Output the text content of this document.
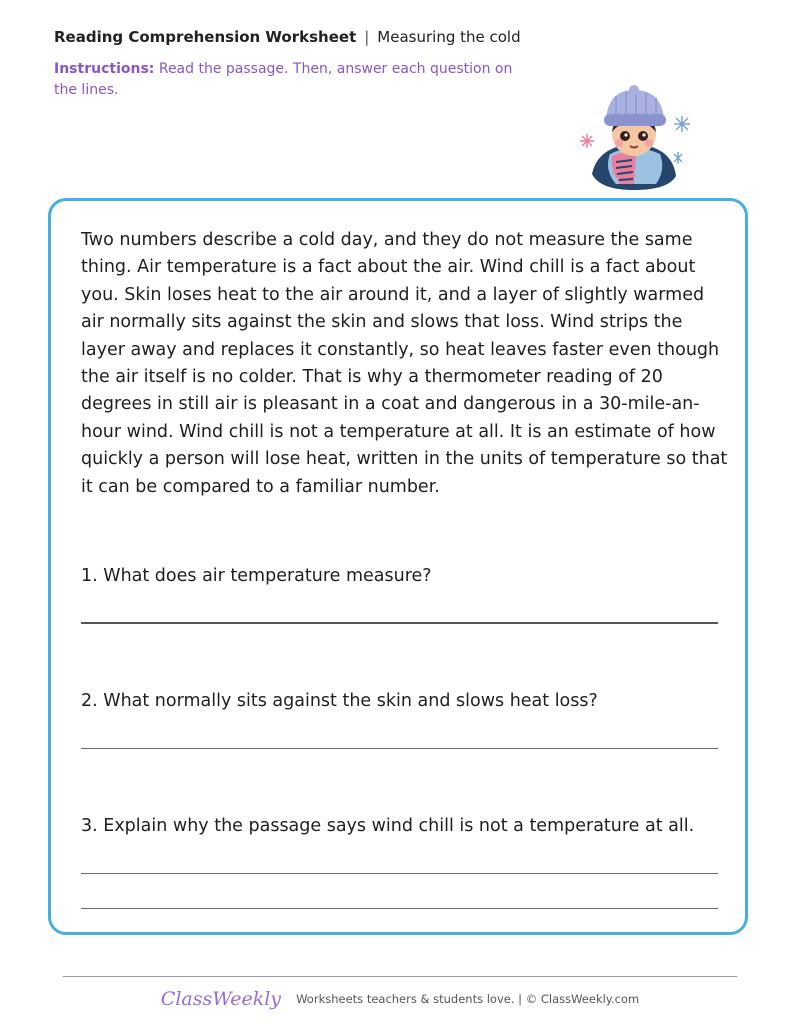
Reading Comprehension Worksheet | Measuring the cold
Instructions: Read the passage. Then, answer each question on the lines.
Two numbers describe a cold day, and they do not measure the same thing. Air temperature is a fact about the air. Wind chill is a fact about you. Skin loses heat to the air around it, and a layer of slightly warmed air normally sits against the skin and slows that loss. Wind strips the layer away and replaces it constantly, so heat leaves faster even though the air itself is no colder. That is why a thermometer reading of 20 degrees in still air is pleasant in a coat and dangerous in a 30-mile-an-hour wind. Wind chill is not a temperature at all. It is an estimate of how quickly a person will lose heat, written in the units of temperature so that it can be compared to a familiar number.
1. What does air temperature measure?
2. What normally sits against the skin and slows heat loss?
3. Explain why the passage says wind chill is not a temperature at all.
ClassWeekly Worksheets teachers & students love. | © ClassWeekly.com
